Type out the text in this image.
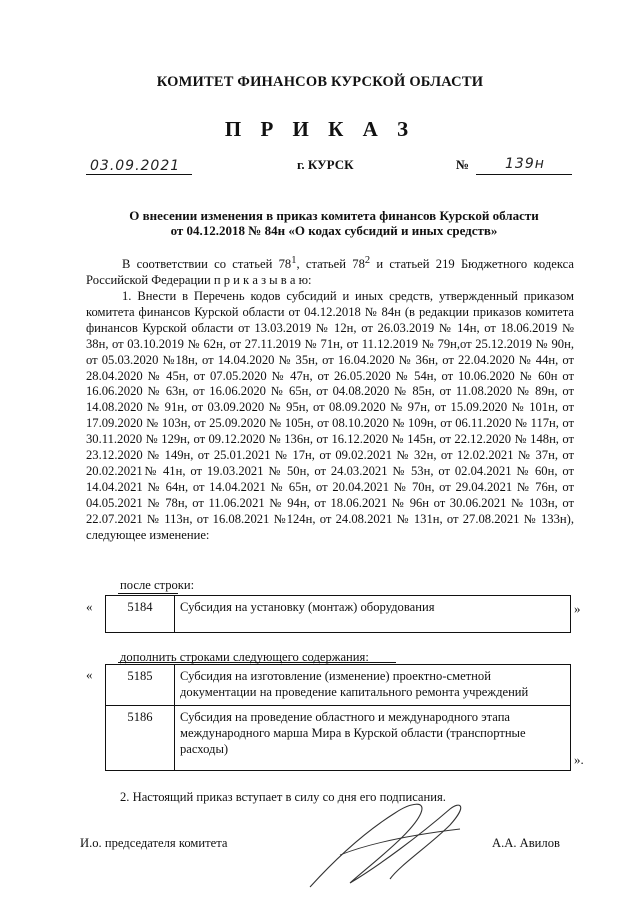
КОМИТЕТ ФИНАНСОВ КУРСКОЙ ОБЛАСТИ
П Р И К А З
03.09.2021	г. КУРСК	№	139н
О внесении изменения в приказ комитета финансов Курской области
от 04.12.2018 № 84н «О кодах субсидий и иных средств»

В соответствии со статьей $78^1$, статьей $78^2$ и статьей 219 Бюджетного кодекса Российской Федерации п р и к а з ы в а ю:

1. Внести в Перечень кодов субсидий и иных средств, утвержденный приказом комитета финансов Курской области от 04.12.2018 № 84н (в редакции приказов комитета финансов Курской области от 13.03.2019 № 12н, от 26.03.2019 № 14н, от 18.06.2019 № 38н, от 03.10.2019 № 62н, от 27.11.2019 № 71н, от 11.12.2019 № 79н,от 25.12.2019 № 90н, от 05.03.2020 №18н, от 14.04.2020 № 35н, от 16.04.2020 № 36н, от 22.04.2020 № 44н, от 28.04.2020 № 45н, от 07.05.2020 № 47н, от 26.05.2020 № 54н, от 10.06.2020 № 60н от 16.06.2020 № 63н, от 16.06.2020 № 65н, от 04.08.2020 № 85н, от 11.08.2020 № 89н, от 14.08.2020 № 91н, от 03.09.2020 № 95н, от 08.09.2020 № 97н, от 15.09.2020 № 101н, от 17.09.2020 № 103н, от 25.09.2020 № 105н, от 08.10.2020 № 109н, от 06.11.2020 № 117н, от 30.11.2020 № 129н, от 09.12.2020 № 136н, от 16.12.2020 № 145н, от 22.12.2020 № 148н, от 23.12.2020 № 149н, от 25.01.2021 № 17н, от 09.02.2021 № 32н, от 12.02.2021 № 37н, от 20.02.2021№ 41н, от 19.03.2021 № 50н, от 24.03.2021 № 53н, от 02.04.2021 № 60н, от 14.04.2021 № 64н, от 14.04.2021 № 65н, от 20.04.2021 № 70н, от 29.04.2021 № 76н, от 04.05.2021 № 78н, от 11.06.2021 № 94н, от 18.06.2021 № 96н от 30.06.2021 № 103н, от 22.07.2021 № 113н, от 16.08.2021 №124н, от 24.08.2021 № 131н, от 27.08.2021 № 133н), следующее изменение:

после строки:
«	5184	Субсидия на установку (монтаж) оборудования	»
дополнить строками следующего содержания:
«	5185	Субсидия на изготовление (изменение) проектно-сметной документации на проведение капитального ремонта учреждений
5186	Субсидия на проведение областного и международного этапа международного марша Мира в Курской области (транспортные расходы)
».
2. Настоящий приказ вступает в силу со дня его подписания.
И.о. председателя комитета	А.А. Авилов
